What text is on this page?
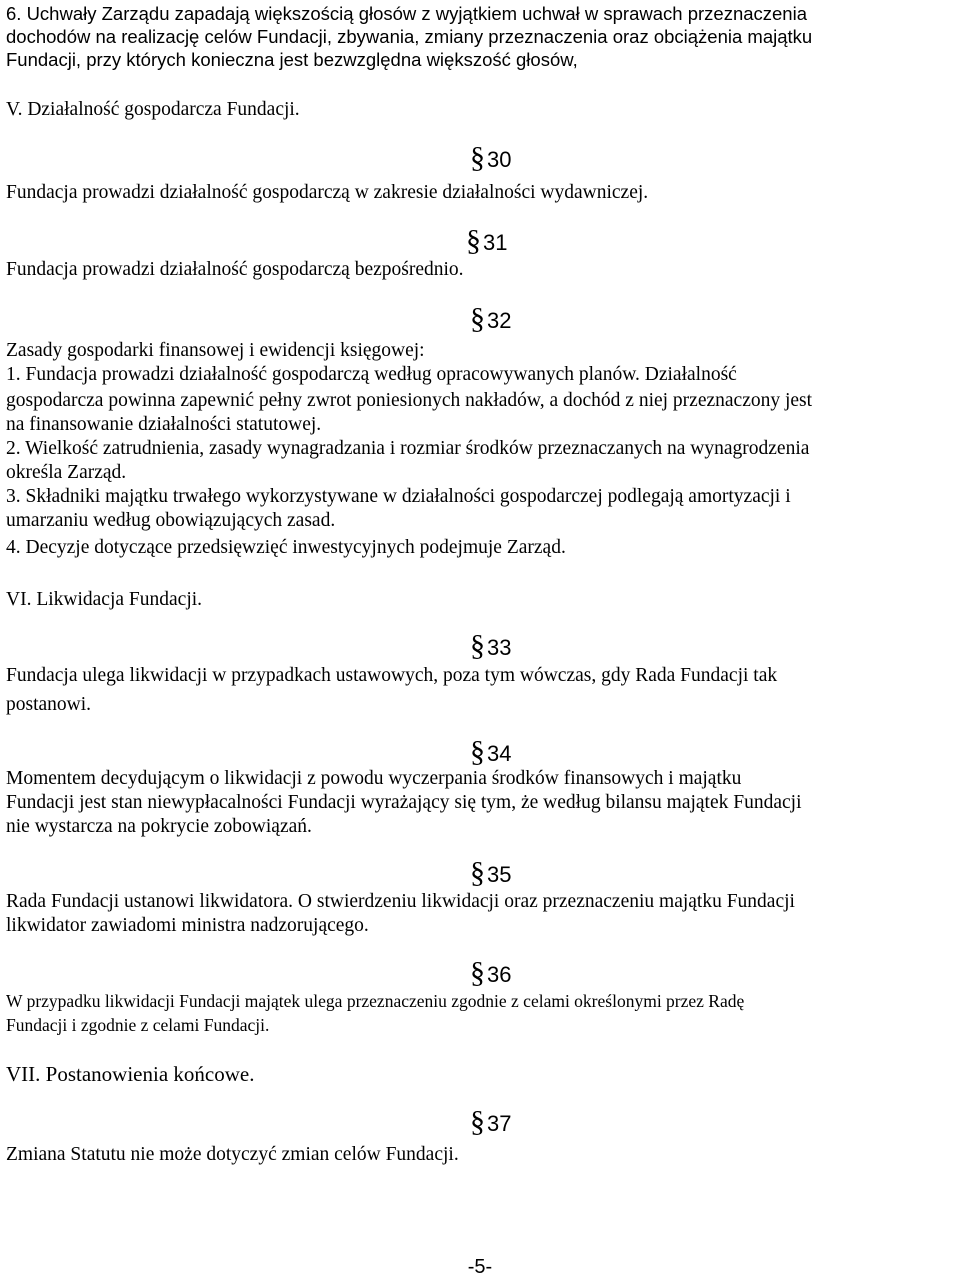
6. Uchwały Zarządu zapadają większością głosów z wyjątkiem uchwał w sprawach przeznaczenia
dochodów na realizację celów Fundacji, zbywania, zmiany przeznaczenia oraz obciążenia majątku
Fundacji, przy których konieczna jest bezwzględna większość głosów,
V. Działalność gospodarcza Fundacji.
§30
Fundacja prowadzi działalność gospodarczą w zakresie działalności wydawniczej.
§31
Fundacja prowadzi działalność gospodarczą bezpośrednio.
§32
Zasady gospodarki finansowej i ewidencji księgowej:
1. Fundacja prowadzi działalność gospodarczą według opracowywanych planów. Działalność
gospodarcza powinna zapewnić pełny zwrot poniesionych nakładów, a dochód z niej przeznaczony jest
na finansowanie działalności statutowej.
2. Wielkość zatrudnienia, zasady wynagradzania i rozmiar środków przeznaczanych na wynagrodzenia
określa Zarząd.
3. Składniki majątku trwałego wykorzystywane w działalności gospodarczej podlegają amortyzacji i
umarzaniu według obowiązujących zasad.
4. Decyzje dotyczące przedsięwzięć inwestycyjnych podejmuje Zarząd.
VI. Likwidacja Fundacji.
§33
Fundacja ulega likwidacji w przypadkach ustawowych, poza tym wówczas, gdy Rada Fundacji tak
postanowi.
§34
Momentem decydującym o likwidacji z powodu wyczerpania środków finansowych i majątku
Fundacji jest stan niewypłacalności Fundacji wyrażający się tym, że według bilansu majątek Fundacji
nie wystarcza na pokrycie zobowiązań.
§35
Rada Fundacji ustanowi likwidatora. O stwierdzeniu likwidacji oraz przeznaczeniu majątku Fundacji
likwidator zawiadomi ministra nadzorującego.
§36
W przypadku likwidacji Fundacji majątek ulega przeznaczeniu zgodnie z celami określonymi przez Radę
Fundacji i zgodnie z celami Fundacji.
VII. Postanowienia końcowe.
§37
Zmiana Statutu nie może dotyczyć zmian celów Fundacji.
-5-
